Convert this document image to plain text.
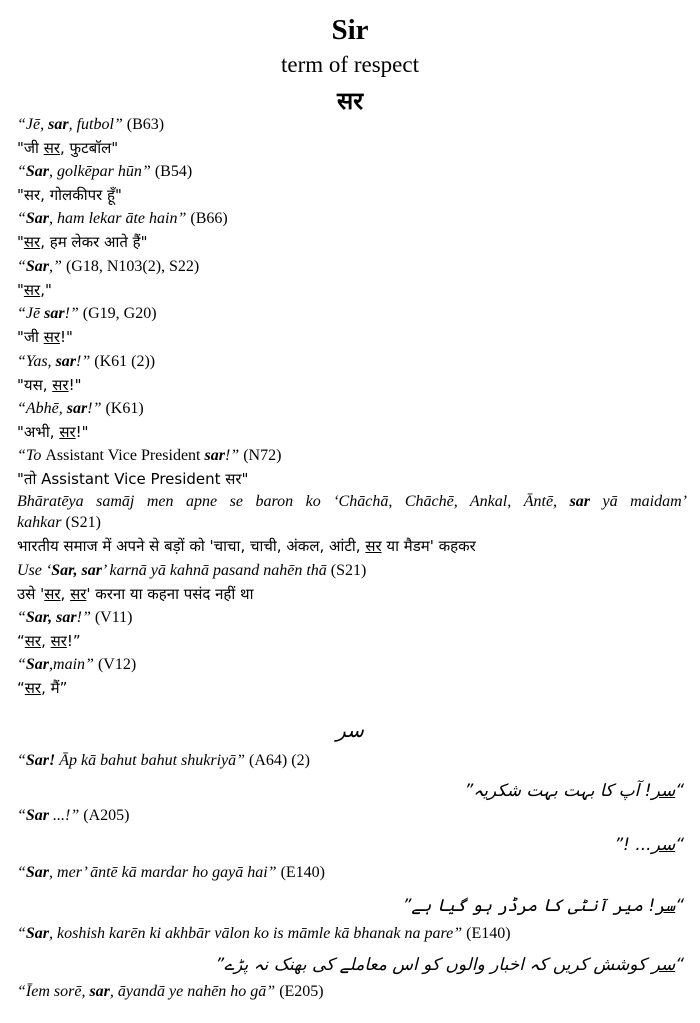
Sir
term of respect
सर
“Jē, sar, futbol” (B63)
"जी सर, फुटबॉल"
“Sar, golkēpar hūn” (B54)
"सर, गोलकीपर हूँ"
“Sar, ham lekar āte hain” (B66)
"सर, हम लेकर आते हैं"
“Sar,” (G18, N103(2), S22)
"सर,"
“Jē sar!” (G19, G20)
"जी सर!"
“Yas, sar!” (K61 (2))
"यस, सर!"
“Abhē, sar!” (K61)
"अभी, सर!"
“To Assistant Vice President sar!” (N72)
"तो Assistant Vice President सर"
Bhāratēya samāj men apne se baron ko ‘Chāchā, Chāchē, Ankal, Āntē, sar yā maidam’
kahkar (S21)
भारतीय समाज में अपने से बड़ों को 'चाचा, चाची, अंकल, आंटी, सर या मैडम' कहकर
Use ‘Sar, sar’ karnā yā kahnā pasand nahēn thā (S21)
उसे 'सर, सर' करना या कहना पसंद नहीं था
“Sar, sar!” (V11)
“सर, सर!”
“Sar,main” (V12)
“सर, मैं”
سر
“Sar! Āp kā bahut bahut shukriyā” (A64) (2)
“سر! آپ کا بہت بہت شکریہ”
“Sar ...!” (A205)
“سر... !”
“Sar, mer’ āntē kā mardar ho gayā hai” (E140)
“سر! میر آنٹی کا مرڈر ہو گیا ہے”
“Sar, koshish karēn ki akhbār vālon ko is māmle kā bhanak na pare” (E140)
“سر کوشش کریں کہ اخبار والوں کو اس معاملے کی بھنک نہ پڑے”
“Īem sorē, sar, āyandā ye nahēn ho gā” (E205)
